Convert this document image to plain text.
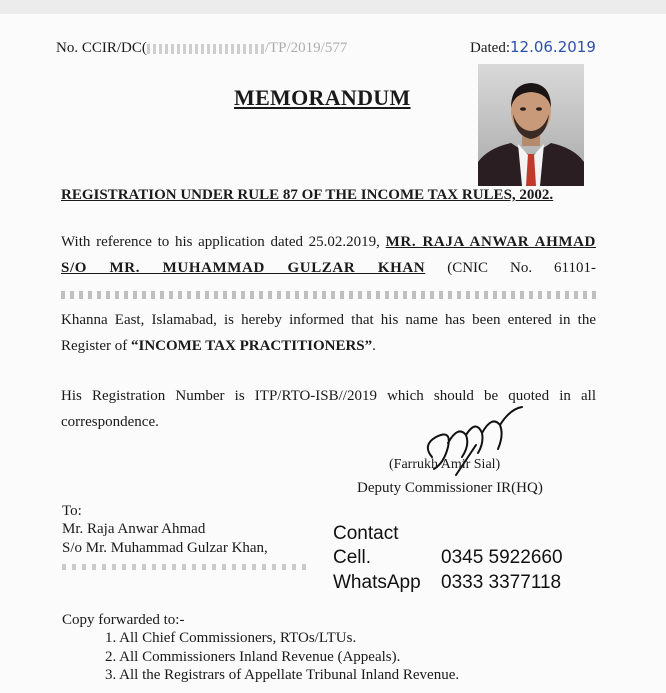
No. CCIR/DC(	/TP/2019/577	Dated:12.06.2019
MEMORANDUM
REGISTRATION UNDER RULE 87 OF THE INCOME TAX RULES, 2002.
With reference to his application dated 25.02.2019, MR. RAJA ANWAR AHMAD S/O MR. MUHAMMAD GULZAR KHAN (CNIC No. 61101-  Khanna East, Islamabad, is hereby informed that his name has been entered in the Register of “INCOME TAX PRACTITIONERS”.
His Registration Number is ITP/RTO-ISB//2019 which should be quoted in all correspondence.
(Farrukh Amir Sial)
Deputy Commissioner IR(HQ)
To:
Mr. Raja Anwar Ahmad
S/o Mr. Muhammad Gulzar Khan,
Contact
Cell.	0345 5922660
WhatsApp 0333 3377118
Copy forwarded to:-
1. All Chief Commissioners, RTOs/LTUs.
2. All Commissioners Inland Revenue (Appeals).
3. All the Registrars of Appellate Tribunal Inland Revenue.
